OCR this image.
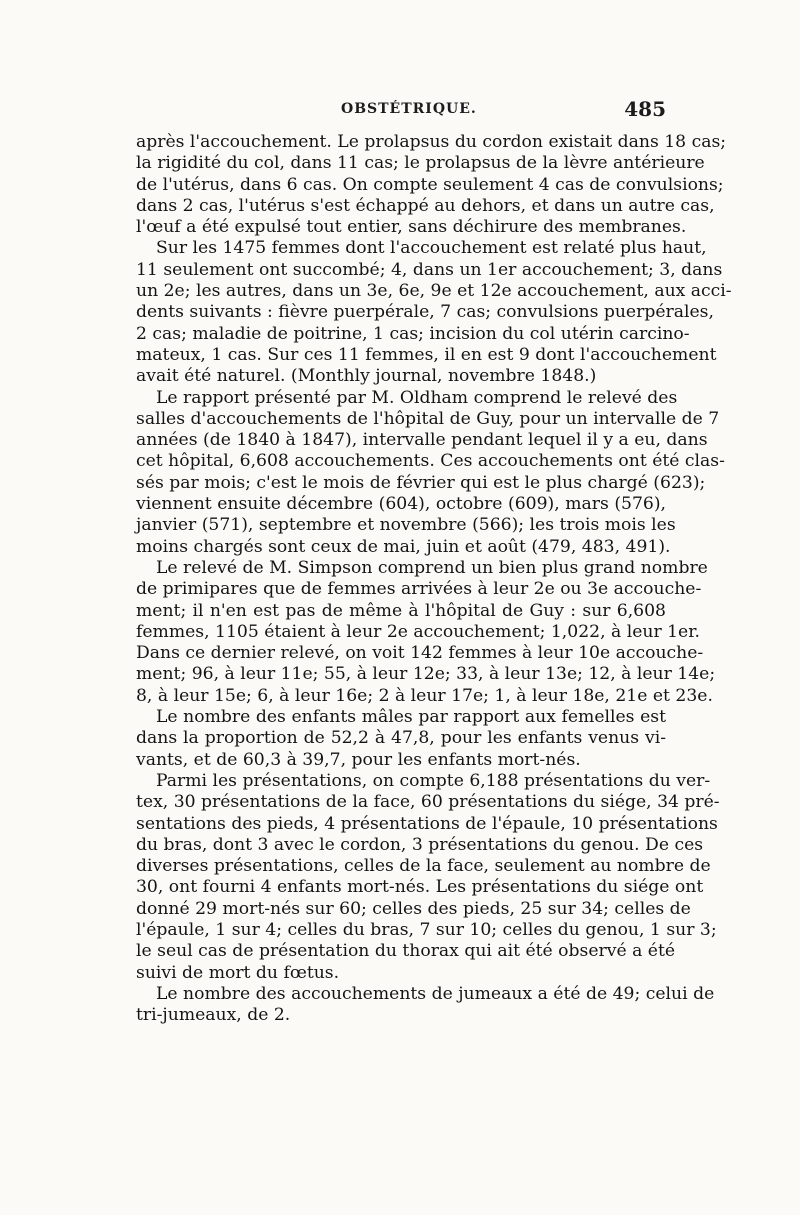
OBSTÉTRIQUE.	485
après l'accouchement. Le prolapsus du cordon existait dans 18 cas;
la rigidité du col, dans 11 cas; le prolapsus de la lèvre antérieure
de l'utérus, dans 6 cas. On compte seulement 4 cas de convulsions;
dans 2 cas, l'utérus s'est échappé au dehors, et dans un autre cas,
l'œuf a été expulsé tout entier, sans déchirure des membranes.
Sur les 1475 femmes dont l'accouchement est relaté plus haut,
11 seulement ont succombé; 4, dans un 1er accouchement; 3, dans
un 2e; les autres, dans un 3e, 6e, 9e et 12e accouchement, aux acci-
dents suivants : fièvre puerpérale, 7 cas; convulsions puerpérales,
2 cas; maladie de poitrine, 1 cas; incision du col utérin carcino-
mateux, 1 cas. Sur ces 11 femmes, il en est 9 dont l'accouchement
avait été naturel. (Monthly journal, novembre 1848.)
Le rapport présenté par M. Oldham comprend le relevé des
salles d'accouchements de l'hôpital de Guy, pour un intervalle de 7
années (de 1840 à 1847), intervalle pendant lequel il y a eu, dans
cet hôpital, 6,608 accouchements. Ces accouchements ont été clas-
sés par mois; c'est le mois de février qui est le plus chargé (623);
viennent ensuite décembre (604), octobre (609), mars (576),
janvier (571), septembre et novembre (566); les trois mois les
moins chargés sont ceux de mai, juin et août (479, 483, 491).
Le relevé de M. Simpson comprend un bien plus grand nombre
de primipares que de femmes arrivées à leur 2e ou 3e accouche-
ment; il n'en est pas de même à l'hôpital de Guy : sur 6,608
femmes, 1105 étaient à leur 2e accouchement; 1,022, à leur 1er.
Dans ce dernier relevé, on voit 142 femmes à leur 10e accouche-
ment; 96, à leur 11e; 55, à leur 12e; 33, à leur 13e; 12, à leur 14e;
8, à leur 15e; 6, à leur 16e; 2 à leur 17e; 1, à leur 18e, 21e et 23e.
Le nombre des enfants mâles par rapport aux femelles est
dans la proportion de 52,2 à 47,8, pour les enfants venus vi-
vants, et de 60,3 à 39,7, pour les enfants mort-nés.
Parmi les présentations, on compte 6,188 présentations du ver-
tex, 30 présentations de la face, 60 présentations du siége, 34 pré-
sentations des pieds, 4 présentations de l'épaule, 10 présentations
du bras, dont 3 avec le cordon, 3 présentations du genou. De ces
diverses présentations, celles de la face, seulement au nombre de
30, ont fourni 4 enfants mort-nés. Les présentations du siége ont
donné 29 mort-nés sur 60; celles des pieds, 25 sur 34; celles de
l'épaule, 1 sur 4; celles du bras, 7 sur 10; celles du genou, 1 sur 3;
le seul cas de présentation du thorax qui ait été observé a été
suivi de mort du fœtus.
Le nombre des accouchements de jumeaux a été de 49; celui de
tri-jumeaux, de 2.
